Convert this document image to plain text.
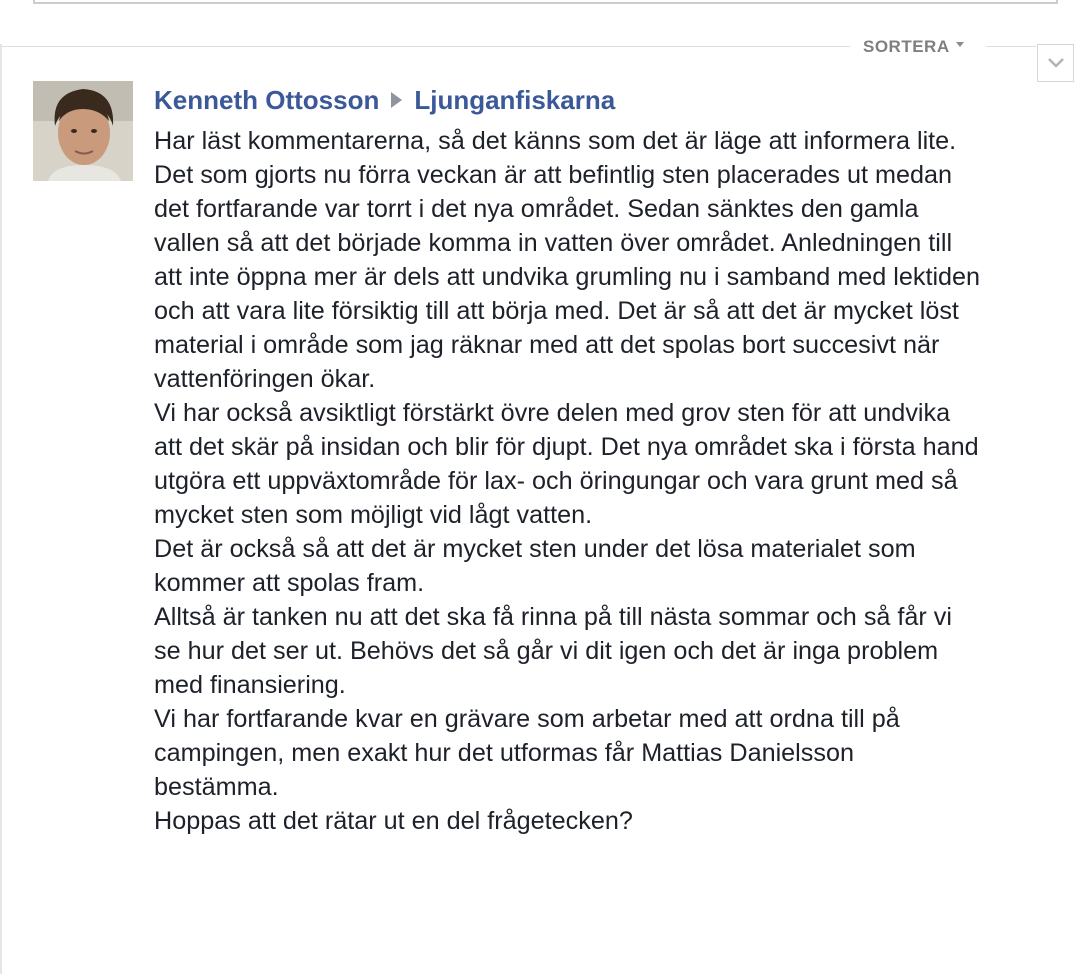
SORTERA
Kenneth Ottosson Ljunganfiskarna

Har läst kommentarerna, så det känns som det är läge att informera lite.

Det som gjorts nu förra veckan är att befintlig sten placerades ut medan det fortfarande var torrt i det nya området. Sedan sänktes den gamla vallen så att det började komma in vatten över området. Anledningen till att inte öppna mer är dels att undvika grumling nu i samband med lektiden och att vara lite försiktig till att börja med. Det är så att det är mycket löst material i område som jag räknar med att det spolas bort succesivt när vattenföringen ökar.

Vi har också avsiktligt förstärkt övre delen med grov sten för att undvika att det skär på insidan och blir för djupt. Det nya området ska i första hand utgöra ett uppväxtområde för lax- och öringungar och vara grunt med så mycket sten som möjligt vid lågt vatten.

Det är också så att det är mycket sten under det lösa materialet som kommer att spolas fram.

Alltså är tanken nu att det ska få rinna på till nästa sommar och så får vi se hur det ser ut. Behövs det så går vi dit igen och det är inga problem med finansiering.

Vi har fortfarande kvar en grävare som arbetar med att ordna till på campingen, men exakt hur det utformas får Mattias Danielsson bestämma.

Hoppas att det rätar ut en del frågetecken?
